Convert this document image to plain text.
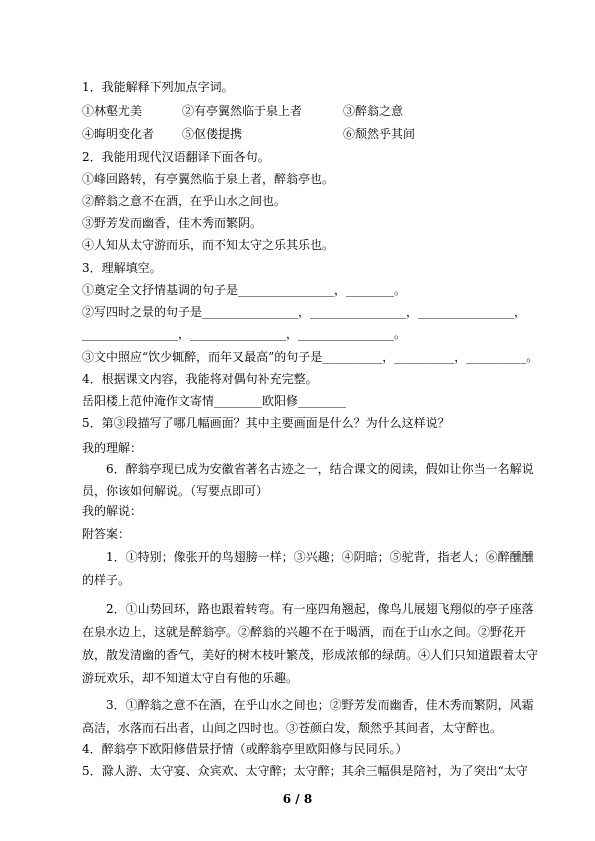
1．我能解释下列加点字词。
①林壑尤美	②有亭翼然临于泉上者	③醉翁之意
④晦明变化者 ⑤伛偻提携	⑥颓然乎其间
2．我能用现代汉语翻译下面各句。
①峰回路转，有亭翼然临于泉上者，醉翁亭也。
②醉翁之意不在酒，在乎山水之间也。
③野芳发而幽香，佳木秀而繁阴。
④人知从太守游而乐，而不知太守之乐其乐也。
3．理解填空。
①奠定全文抒情基调的句子是________________，________。
②写四时之景的句子是________________，________________，________________，
________________，________________，________________。
③文中照应“饮少辄醉，而年又最高”的句子是__________，__________，__________。
4．根据课文内容，我能将对偶句补充完整。
岳阳楼上范仲淹作文寄情________欧阳修________
5．第③段描写了哪几幅画面？其中主要画面是什么？为什么这样说？
我的理解：
6．醉翁亭现已成为安徽省著名古迹之一，结合课文的阅读，假如让你当一名解说员，你该如何解说。（写要点即可）
我的解说：
附答案：
1．①特别；像张开的鸟翅膀一样；③兴趣；④阴暗；⑤驼背，指老人；⑥醉醺醺的样子。
2．①山势回环，路也跟着转弯。有一座四角翘起，像鸟儿展翅飞翔似的亭子座落在泉水边上，这就是醉翁亭。②醉翁的兴趣不在于喝酒，而在于山水之间。②野花开放，散发清幽的香气，美好的树木枝叶繁茂，形成浓郁的绿荫。④人们只知道跟着太守游玩欢乐，却不知道太守自有他的乐趣。
3．①醉翁之意不在酒，在乎山水之间也；②野芳发而幽香，佳木秀而繁阴，风霜高洁，水落而石出者，山间之四时也。③苍颜白发，颓然乎其间者，太守醉也。
4．醉翁亭下欧阳修借景抒情（或醉翁亭里欧阳修与民同乐。）
5．滁人游、太守宴、众宾欢、太守醉；太守醉；其余三幅俱是陪衬，为了突出“太守
6 / 8
